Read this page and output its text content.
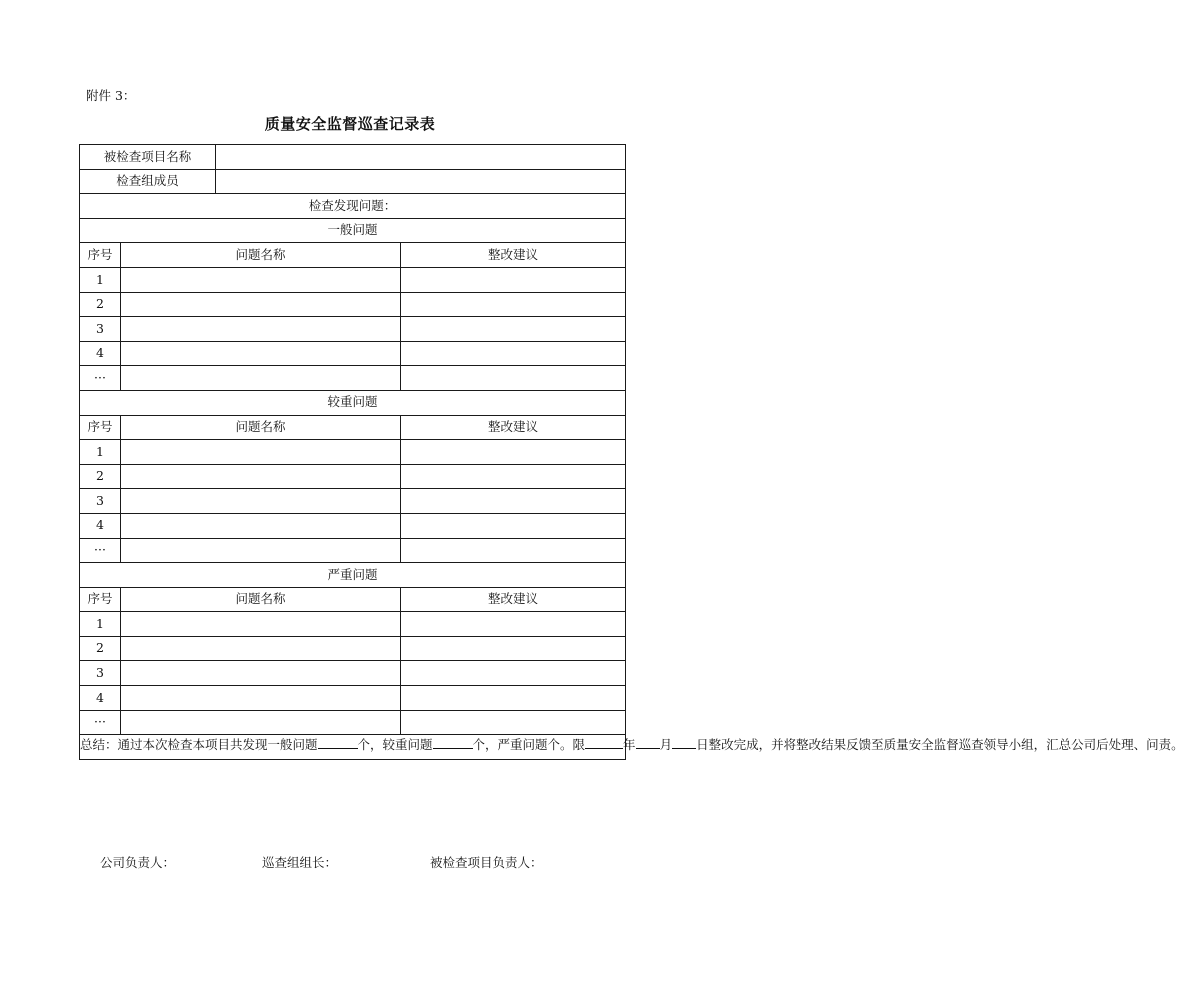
附件 3：
质量安全监督巡查记录表
被检查项目名称			
检查组成员			
检查发现问题：			
一般问题			
序号	问题名称		整改建议
1			
2			
3			
4			
···			
较重问题			
序号	问题名称		整改建议
1			
2			
3			
4			
···			
严重问题			
序号	问题名称		整改建议
1			
2			
3			
4			
···			
总结：通过本次检查本项目共发现一般问题 个，较重问题 个，严重问题个。限 年 月 日整改完成，并将整改结果反馈至质量安全监督巡查领导小组，汇总公司后处理、问责。			
公司负责人：	巡查组组长：	被检查项目负责人：
